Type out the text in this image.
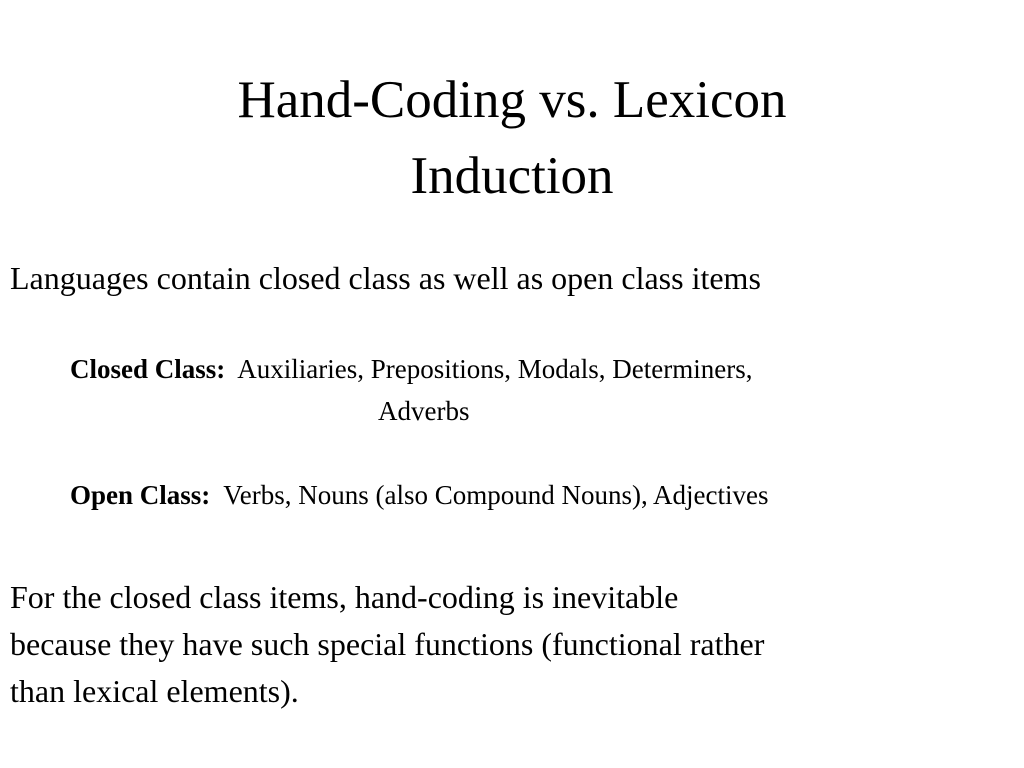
Hand-Coding vs. Lexicon
Induction

Languages contain closed class as well as open class items

Closed Class: Auxiliaries, Prepositions, Modals, Determiners,
Adverbs
Open Class: Verbs, Nouns (also Compound Nouns), Adjectives

For the closed class items, hand-coding is inevitable
because they have such special functions (functional rather
than lexical elements).
